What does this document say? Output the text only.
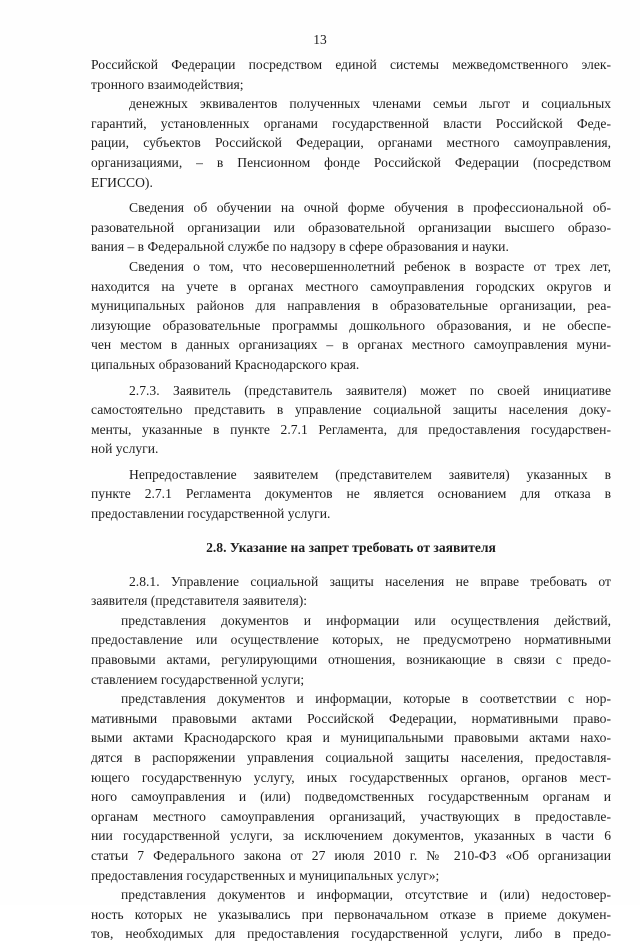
13
Российской Федерации посредством единой системы межведомственного элек-
тронного взаимодействия;
денежных эквивалентов полученных членами семьи льгот и социальных
гарантий, установленных органами государственной власти Российской Феде-
рации, субъектов Российской Федерации, органами местного самоуправления,
организациями, – в Пенсионном фонде Российской Федерации (посредством
ЕГИССО).
Сведения об обучении на очной форме обучения в профессиональной об-
разовательной организации или образовательной организации высшего образо-
вания – в Федеральной службе по надзору в сфере образования и науки.
Сведения о том, что несовершеннолетний ребенок в возрасте от трех лет,
находится на учете в органах местного самоуправления городских округов и
муниципальных районов для направления в образовательные организации, реа-
лизующие образовательные программы дошкольного образования, и не обеспе-
чен местом в данных организациях – в органах местного самоуправления муни-
ципальных образований Краснодарского края.
2.7.3. Заявитель (представитель заявителя) может по своей инициативе
самостоятельно представить в управление социальной защиты населения доку-
менты, указанные в пункте 2.7.1 Регламента, для предоставления государствен-
ной услуги.
Непредоставление заявителем (представителем заявителя) указанных в
пункте 2.7.1 Регламента документов не является основанием для отказа в
предоставлении государственной услуги.
2.8. Указание на запрет требовать от заявителя
2.8.1. Управление социальной защиты населения не вправе требовать от
заявителя (представителя заявителя):
представления документов и информации или осуществления действий,
предоставление или осуществление которых, не предусмотрено нормативными
правовыми актами, регулирующими отношения, возникающие в связи с предо-
ставлением государственной услуги;
представления документов и информации, которые в соответствии с нор-
мативными правовыми актами Российской Федерации, нормативными право-
выми актами Краснодарского края и муниципальными правовыми актами нахо-
дятся в распоряжении управления социальной защиты населения, предоставля-
ющего государственную услугу, иных государственных органов, органов мест-
ного самоуправления и (или) подведомственных государственным органам и
органам местного самоуправления организаций, участвующих в предоставле-
нии государственной услуги, за исключением документов, указанных в части 6
статьи 7 Федерального закона от 27 июля 2010 г. № 210-ФЗ «Об организации
предоставления государственных и муниципальных услуг»;
представления документов и информации, отсутствие и (или) недостовер-
ность которых не указывались при первоначальном отказе в приеме докумен-
тов, необходимых для предоставления государственной услуги, либо в предо-
